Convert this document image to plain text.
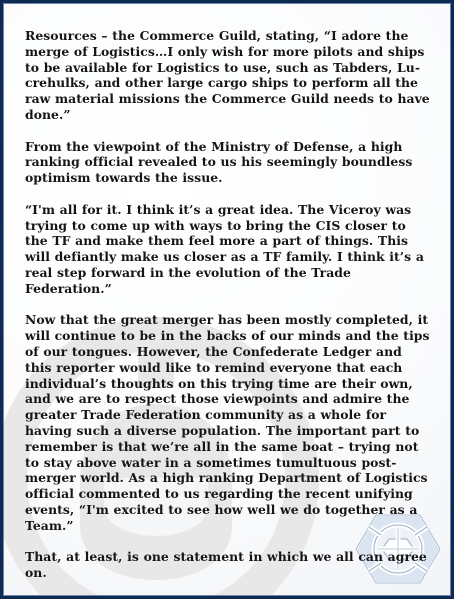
Resources – the Commerce Guild, stating, “I adore the merge of Logistics…I only wish for more pilots and ships to be available for Logistics to use, such as Tabders, Lu-crehulks, and other large cargo ships to perform all the raw material missions the Commerce Guild needs to have done.”

From the viewpoint of the Ministry of Defense, a high ranking official revealed to us his seemingly boundless optimism towards the issue.

“I'm all for it. I think it’s a great idea. The Viceroy was trying to come up with ways to bring the CIS closer to the TF and make them feel more a part of things. This will defiantly make us closer as a TF family. I think it’s a real step forward in the evolution of the Trade Federation.”

Now that the great merger has been mostly completed, it will continue to be in the backs of our minds and the tips of our tongues. However, the Confederate Ledger and this reporter would like to remind everyone that each individual’s thoughts on this trying time are their own, and we are to respect those viewpoints and admire the greater Trade Federation community as a whole for having such a diverse population. The important part to remember is that we’re all in the same boat – trying not to stay above water in a sometimes tumultuous post-merger world. As a high ranking Department of Logistics official commented to us regarding the recent unifying events, “I'm excited to see how well we do together as a Team.”

That, at least, is one statement in which we all can agree on.
